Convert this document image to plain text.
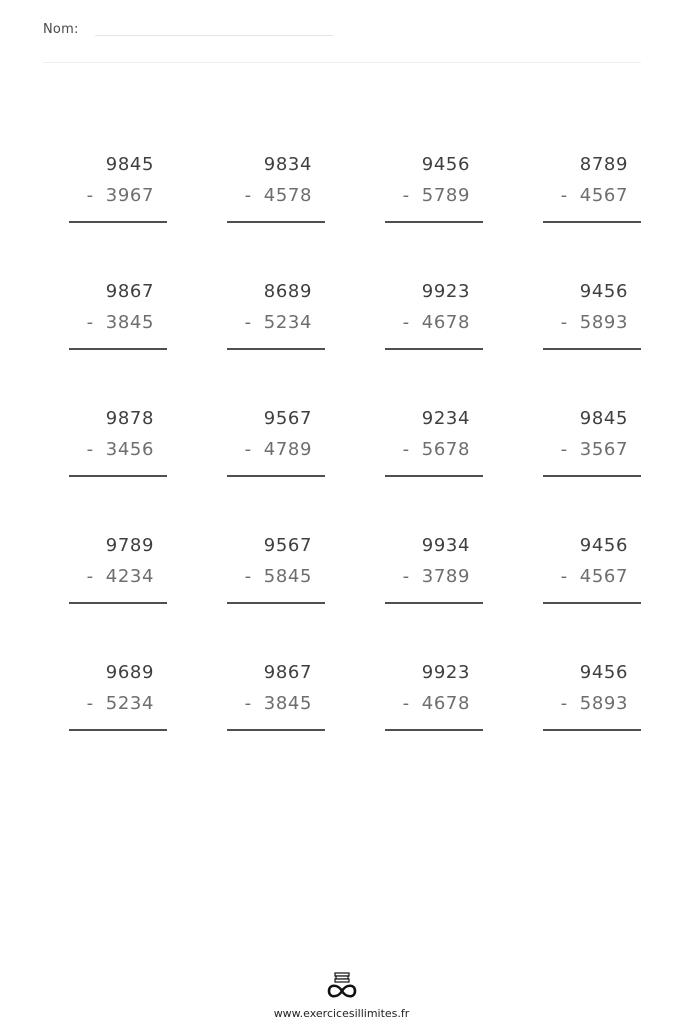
Nom:
9845
- 3967
9834
- 4578
9456
- 5789
8789
- 4567
9867
- 3845
8689
- 5234
9923
- 4678
9456
- 5893
9878
- 3456
9567
- 4789
9234
- 5678
9845
- 3567
9789
- 4234
9567
- 5845
9934
- 3789
9456
- 4567
9689
- 5234
9867
- 3845
9923
- 4678
9456
- 5893
www.exercicesillimites.fr
